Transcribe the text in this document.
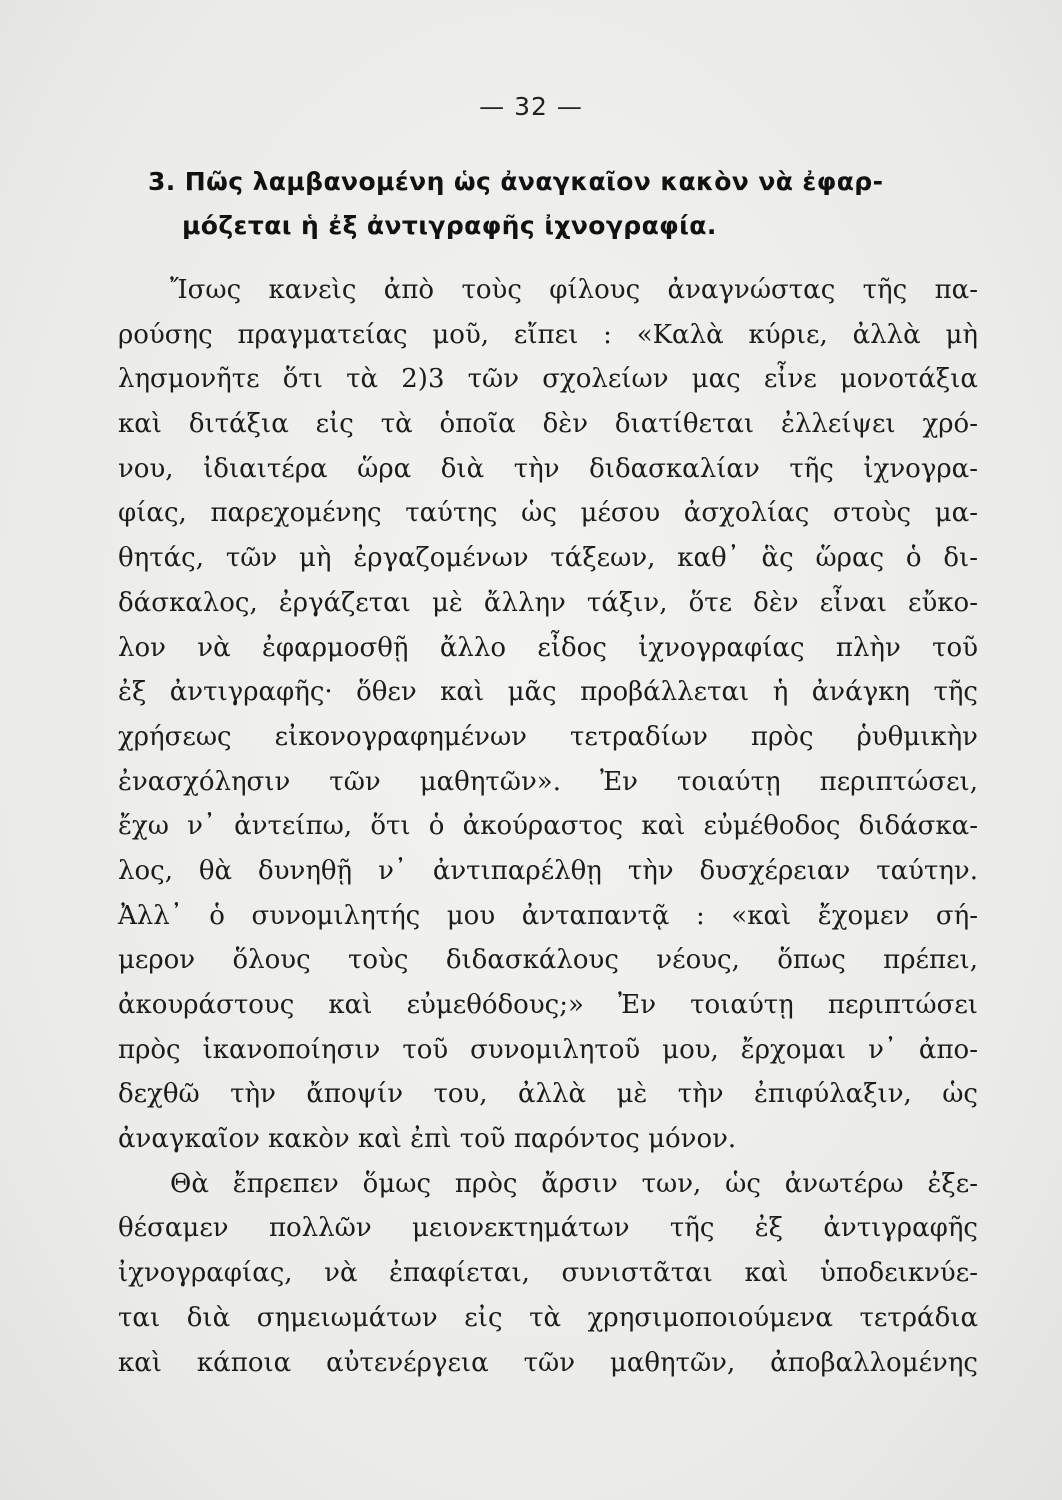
— 32 —
3. Πῶς λαμβανομένη ὡς ἀναγκαῖον κακὸν νὰ ἐφαρ-
μόζεται ἡ ἐξ ἀντιγραφῆς ἰχνογραφία.
Ἴσως κανεὶς ἀπὸ τοὺς φίλους ἀναγνώστας τῆς πα-
ρούσης πραγματείας μοῦ, εἴπει : «Καλὰ κύριε, ἀλλὰ μὴ
λησμονῆτε ὅτι τὰ 2)3 τῶν σχολείων μας εἶνε μονοτάξια
καὶ διτάξια εἰς τὰ ὁποῖα δὲν διατίθεται ἐλλείψει χρό-
νου, ἰδιαιτέρα ὥρα διὰ τὴν διδασκαλίαν τῆς ἰχνογρα-
φίας, παρεχομένης ταύτης ὡς μέσου ἀσχολίας στοὺς μα-
θητάς, τῶν μὴ ἐργαζομένων τάξεων, καθ᾽ ἃς ὥρας ὁ δι-
δάσκαλος, ἐργάζεται μὲ ἄλλην τάξιν, ὅτε δὲν εἶναι εὔκο-
λον νὰ ἐφαρμοσθῇ ἄλλο εἶδος ἰχνογραφίας πλὴν τοῦ
ἐξ ἀντιγραφῆς· ὅθεν καὶ μᾶς προβάλλεται ἡ ἀνάγκη τῆς
χρήσεως εἰκονογραφημένων τετραδίων πρὸς ῥυθμικὴν
ἐνασχόλησιν τῶν μαθητῶν». Ἐν τοιαύτῃ περιπτώσει,
ἔχω ν᾽ ἀντείπω, ὅτι ὁ ἀκούραστος καὶ εὐμέθοδος διδάσκα-
λος, θὰ δυνηθῇ ν᾽ ἀντιπαρέλθῃ τὴν δυσχέρειαν ταύτην.
Ἀλλ᾽ ὁ συνομιλητής μου ἀνταπαντᾷ : «καὶ ἔχομεν σή-
μερον ὅλους τοὺς διδασκάλους νέους, ὅπως πρέπει,
ἀκουράστους καὶ εὐμεθόδους;» Ἐν τοιαύτῃ περιπτώσει
πρὸς ἱκανοποίησιν τοῦ συνομιλητοῦ μου, ἔρχομαι ν᾽ ἀπο-
δεχθῶ τὴν ἄποψίν του, ἀλλὰ μὲ τὴν ἐπιφύλαξιν, ὡς
ἀναγκαῖον κακὸν καὶ ἐπὶ τοῦ παρόντος μόνον.
Θὰ ἔπρεπεν ὅμως πρὸς ἄρσιν των, ὡς ἀνωτέρω ἐξε-
θέσαμεν πολλῶν μειονεκτημάτων τῆς ἐξ ἀντιγραφῆς
ἰχνογραφίας, νὰ ἐπαφίεται, συνιστᾶται καὶ ὑποδεικνύε-
ται διὰ σημειωμάτων εἰς τὰ χρησιμοποιούμενα τετράδια
καὶ κάποια αὐτενέργεια τῶν μαθητῶν, ἀποβαλλομένης
